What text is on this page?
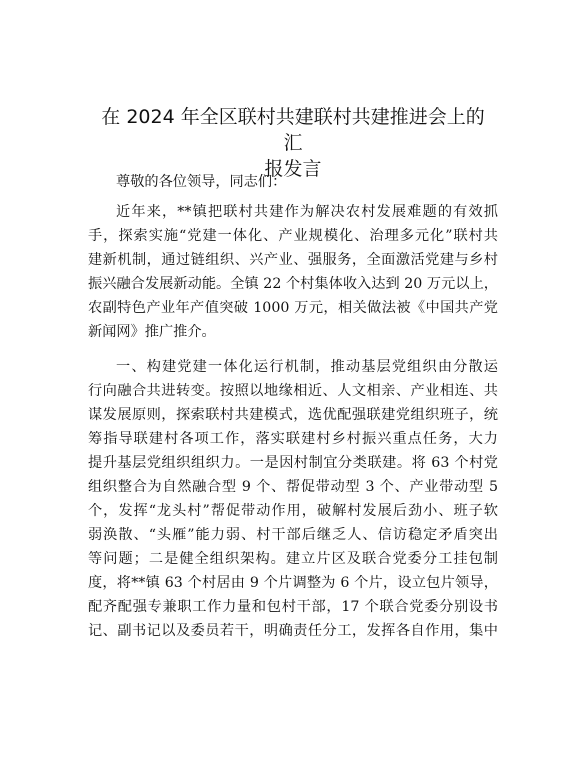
在 2024 年全区联村共建联村共建推进会上的汇

报发言
尊敬的各位领导，同志们：
近年来，**镇把联村共建作为解决农村发展难题的有效抓
手，探索实施“党建一体化、产业规模化、治理多元化”联村共
建新机制，通过链组织、兴产业、强服务，全面激活党建与乡村
振兴融合发展新动能。全镇 22 个村集体收入达到 20 万元以上，
农副特色产业年产值突破 1000 万元，相关做法被《中国共产党
新闻网》推广推介。
一、构建党建一体化运行机制，推动基层党组织由分散运
行向融合共进转变。按照以地缘相近、人文相亲、产业相连、共
谋发展原则，探索联村共建模式，选优配强联建党组织班子，统
筹指导联建村各项工作，落实联建村乡村振兴重点任务，大力
提升基层党组织组织力。一是因村制宜分类联建。将 63 个村党
组织整合为自然融合型 9 个、帮促带动型 3 个、产业带动型 5
个，发挥“龙头村”帮促带动作用，破解村发展后劲小、班子软
弱涣散、“头雁”能力弱、村干部后继乏人、信访稳定矛盾突出
等问题；二是健全组织架构。建立片区及联合党委分工挂包制
度，将**镇 63 个村居由 9 个片调整为 6 个片，设立包片领导，
配齐配强专兼职工作力量和包村干部，17 个联合党委分别设书
记、副书记以及委员若干，明确责任分工，发挥各自作用，集中
